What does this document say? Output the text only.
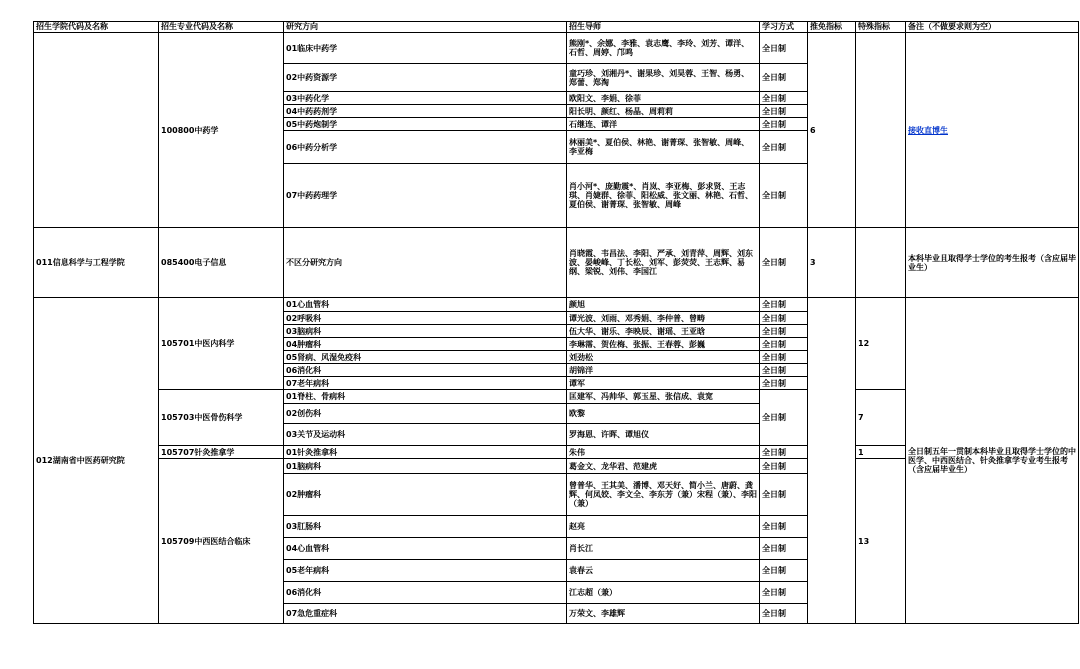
招生学院代码及名称	招生专业代码及名称	研究方向	招生导师	学习方式	推免指标	特殊指标	备注（不做要求则为空）
	100800中药学	01临床中药学	熊刚*、余娜、李雅、袁志鹰、李玲、刘芳、谭洋、石哲、周婷、邝鸣	全日制	6		接收直博生
		02中药资源学	童巧珍、刘湘丹*、谢果珍、刘昊蓉、王智、杨勇、郑蕾、郑淘	全日制			
		03中药化学	欧阳文、李娟、徐菲	全日制			
		04中药药剂学	阳长明、颜红、杨晶、周莉莉	全日制			
		05中药炮制学	石继连、谭洋	全日制			
		06中药分析学	林丽美*、夏伯侯、林艳、谢菁琛、张智敏、周峰、李亚梅	全日制			
		07中药药理学	肖小河*、庞勤震*、肖岚、李亚梅、彭求贤、王志琪、肖婕群、徐菲、阳松威、张文丽、林艳、石哲、夏伯侯、谢菁琛、张智敏、周峰	全日制			
011信息科学与工程学院	085400电子信息	不区分研究方向	肖晓霞、韦昌法、李阳、严承、刘青萍、周辉、刘东波、晏峻峰、丁长松、刘军、彭荧荧、王志辉、易纲、梁锐、刘伟、李国江	全日制	3		本科毕业且取得学士学位的考生报考（含应届毕业生）
012湖南省中医药研究院	105701中医内科学	01心血管科	颜旭	全日制		12	全日制五年一贯制本科毕业且取得学士学位的中医学、中西医结合、针灸推拿学专业考生报考（含应届毕业生）
		02呼吸科	谭光波、刘雨、邓秀娟、李仲普、曾畴	全日制			
		03脑病科	伍大华、谢乐、李映辰、谢瑶、王亚晗	全日制			
		04肿瘤科	李琳霈、贺佐梅、张振、王春蓉、彭巍	全日制			
		05肾病、风湿免疫科	刘劲松	全日制			
		06消化科	胡锦洋	全日制			
		07老年病科	谭军	全日制			
	105703中医骨伤科学	01脊柱、骨病科	匡建军、冯帅华、郭玉星、张信成、袁宽	全日制		7	
		02创伤科	欧黎				
		03关节及运动科	罗海恩、许晖、谭旭仪				
	105707针灸推拿学	01针灸推拿科	朱伟	全日制		1	
	105709中西医结合临床	01脑病科	葛金文、龙华君、范建虎	全日制		13	
		02肿瘤科	曾普华、王其美、潘博、邓天好、简小兰、唐蔚、龚辉、何凤姣、李文全、李东芳（兼）宋程（兼）、李阳（兼）	全日制			
		03肛肠科	赵亮	全日制			
		04心血管科	肖长江	全日制			
		05老年病科	袁春云	全日制			
		06消化科	江志超（兼）	全日制			
		07急危重症科	万荣文、李雄辉	全日制			
